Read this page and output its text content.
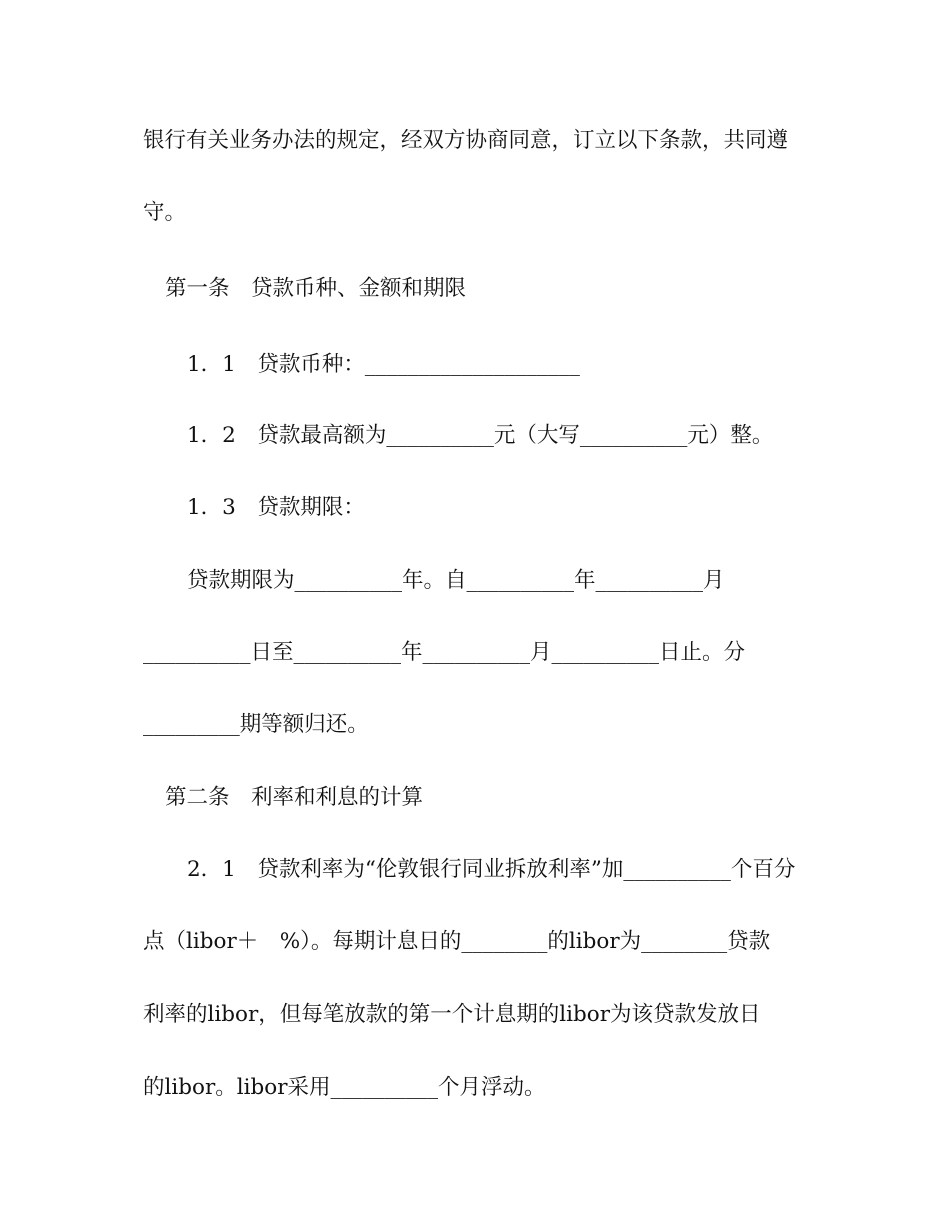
银行有关业务办法的规定，经双方协商同意，订立以下条款，共同遵
守。
第一条　贷款币种、金额和期限
1．1　贷款币种：____________________
1．2　贷款最高额为__________元（大写__________元）整。
1．3　贷款期限：
贷款期限为__________年。自__________年__________月
__________日至__________年__________月__________日止。分
_________期等额归还。
第二条　利率和利息的计算
2．1　贷款利率为“伦敦银行同业拆放利率”加__________个百分
点（libor＋　%）。每期计息日的________的libor为________贷款
利率的libor，但每笔放款的第一个计息期的libor为该贷款发放日
的libor。libor采用__________个月浮动。
